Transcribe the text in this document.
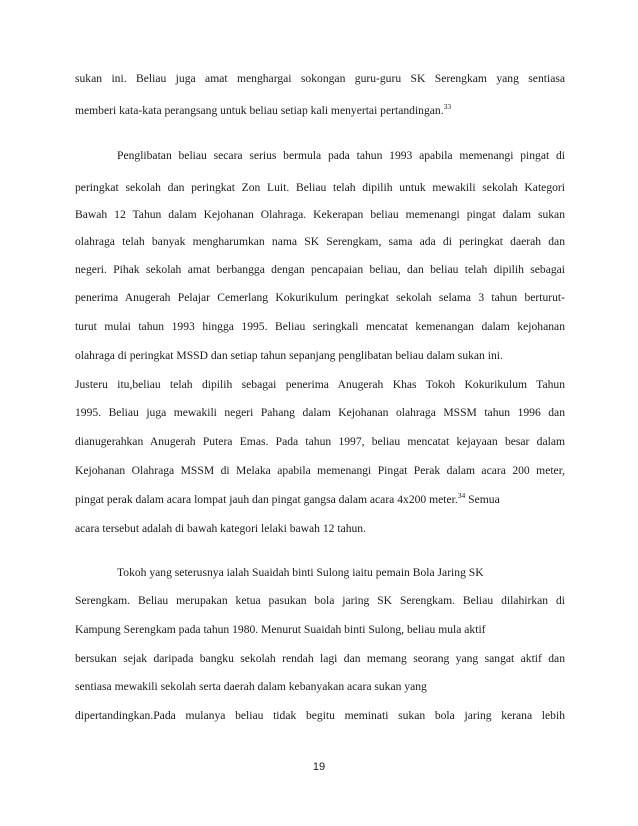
sukan ini. Beliau juga amat menghargai sokongan guru-guru SK Serengkam yang sentiasa
memberi kata-kata perangsang untuk beliau setiap kali menyertai pertandingan.$^{33}$
Penglibatan beliau secara serius bermula pada tahun 1993 apabila memenangi pingat di
peringkat sekolah dan peringkat Zon Luit. Beliau telah dipilih untuk mewakili sekolah Kategori
Bawah 12 Tahun dalam Kejohanan Olahraga. Kekerapan beliau memenangi pingat dalam sukan
olahraga telah banyak mengharumkan nama SK Serengkam, sama ada di peringkat daerah dan
negeri. Pihak sekolah amat berbangga dengan pencapaian beliau, dan beliau telah dipilih sebagai
penerima Anugerah Pelajar Cemerlang Kokurikulum peringkat sekolah selama 3 tahun berturut-
turut mulai tahun 1993 hingga 1995. Beliau seringkali mencatat kemenangan dalam kejohanan
olahraga di peringkat MSSD dan setiap tahun sepanjang penglibatan beliau dalam sukan ini.
Justeru itu,beliau telah dipilih sebagai penerima Anugerah Khas Tokoh Kokurikulum Tahun
1995. Beliau juga mewakili negeri Pahang dalam Kejohanan olahraga MSSM tahun 1996 dan
dianugerahkan Anugerah Putera Emas. Pada tahun 1997, beliau mencatat kejayaan besar dalam
Kejohanan Olahraga MSSM di Melaka apabila memenangi Pingat Perak dalam acara 200 meter,
pingat perak dalam acara lompat jauh dan pingat gangsa dalam acara 4x200 meter.$^{34}$ Semua
acara tersebut adalah di bawah kategori lelaki bawah 12 tahun.
Tokoh yang seterusnya ialah Suaidah binti Sulong iaitu pemain Bola Jaring SK
Serengkam. Beliau merupakan ketua pasukan bola jaring SK Serengkam. Beliau dilahirkan di
Kampung Serengkam pada tahun 1980. Menurut Suaidah binti Sulong, beliau mula aktif
bersukan sejak daripada bangku sekolah rendah lagi dan memang seorang yang sangat aktif dan
sentiasa mewakili sekolah serta daerah dalam kebanyakan acara sukan yang
dipertandingkan.Pada mulanya beliau tidak begitu meminati sukan bola jaring kerana lebih
19
